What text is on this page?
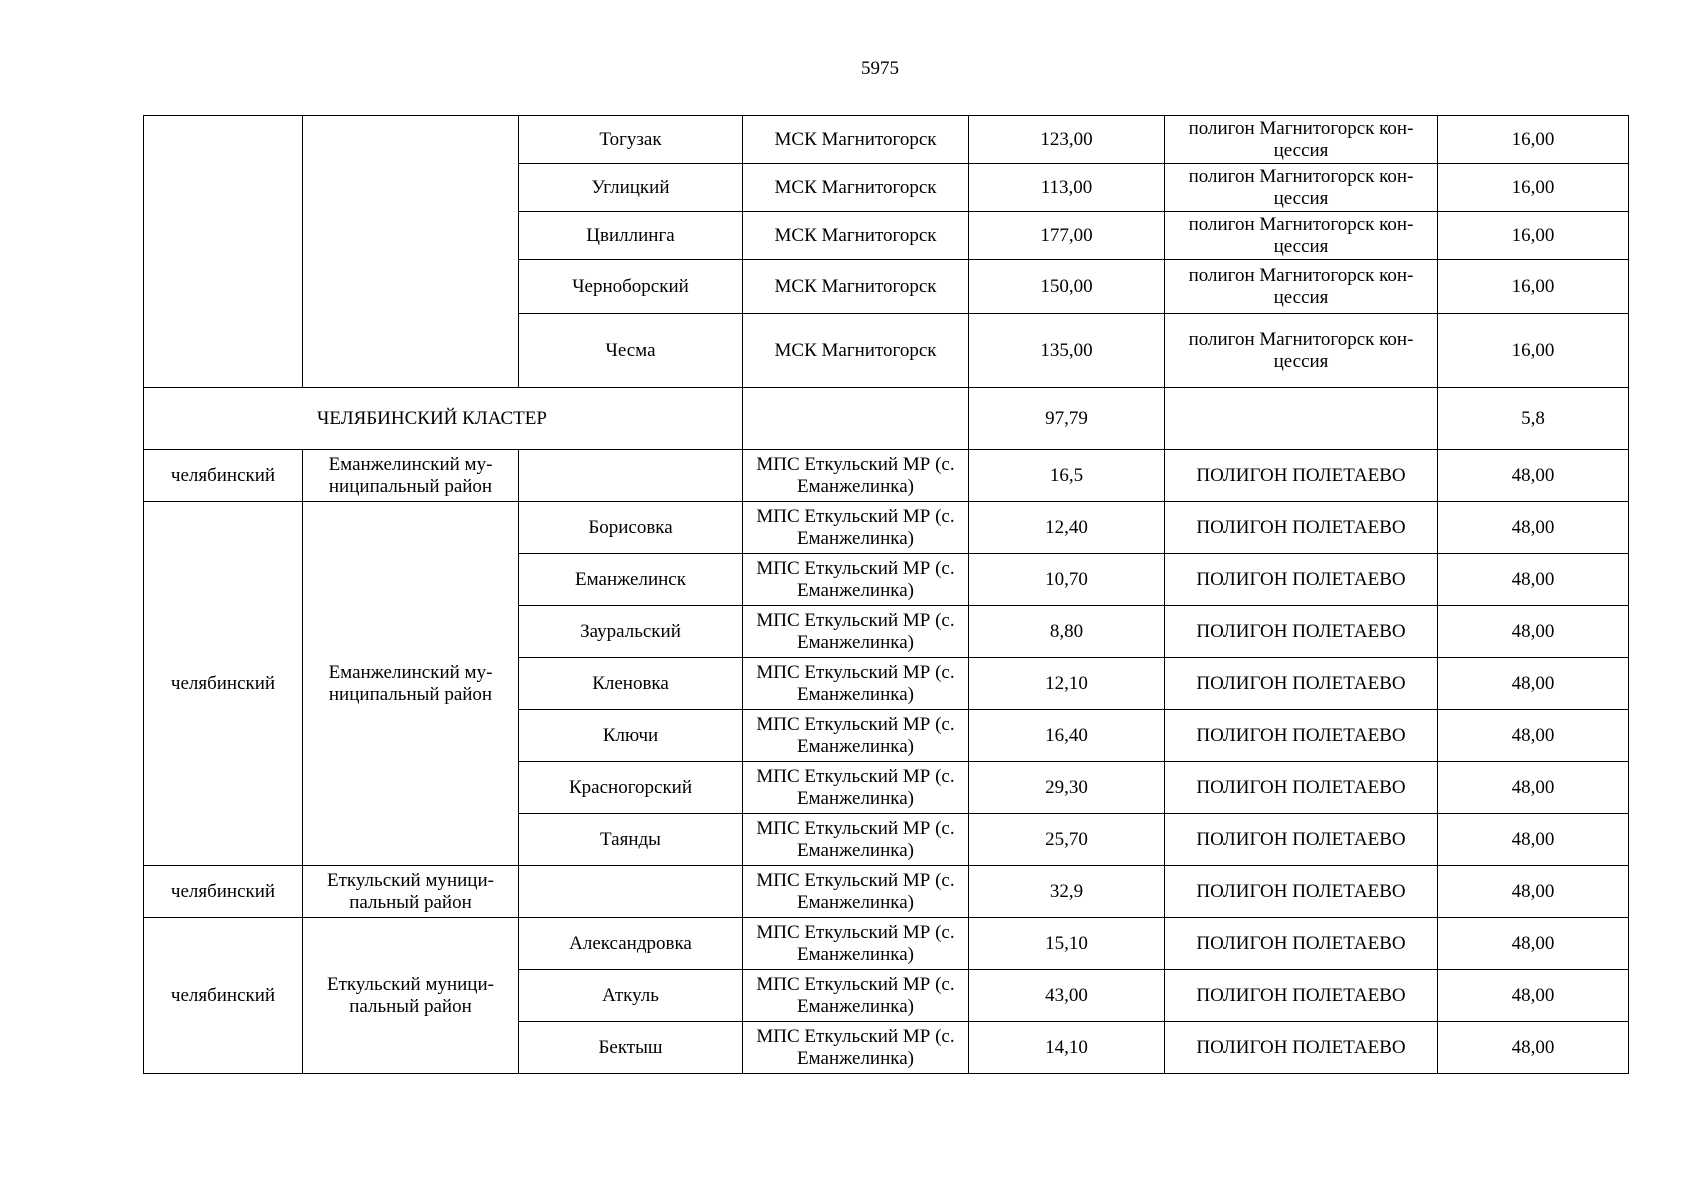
5975
		Тогузак	МСК Магнитогорск	123,00	полигон Магнитогорск кон-цессия	16,00
		Углицкий	МСК Магнитогорск	113,00	полигон Магнитогорск кон-цессия	16,00
		Цвиллинга	МСК Магнитогорск	177,00	полигон Магнитогорск кон-цессия	16,00
		Черноборский	МСК Магнитогорск	150,00	полигон Магнитогорск кон-цессия	16,00
		Чесма	МСК Магнитогорск	135,00	полигон Магнитогорск кон-цессия	16,00
ЧЕЛЯБИНСКИЙ КЛАСТЕР				97,79		5,8
челябинский	Еманжелинский му-ниципальный район		МПС Еткульский МР (с. Еманжелинка)	16,5	ПОЛИГОН ПОЛЕТАЕВО	48,00
челябинский	Еманжелинский му-ниципальный район	Борисовка	МПС Еткульский МР (с. Еманжелинка)	12,40	ПОЛИГОН ПОЛЕТАЕВО	48,00
		Еманжелинск	МПС Еткульский МР (с. Еманжелинка)	10,70	ПОЛИГОН ПОЛЕТАЕВО	48,00
		Зауральский	МПС Еткульский МР (с. Еманжелинка)	8,80	ПОЛИГОН ПОЛЕТАЕВО	48,00
		Кленовка	МПС Еткульский МР (с. Еманжелинка)	12,10	ПОЛИГОН ПОЛЕТАЕВО	48,00
		Ключи	МПС Еткульский МР (с. Еманжелинка)	16,40	ПОЛИГОН ПОЛЕТАЕВО	48,00
		Красногорский	МПС Еткульский МР (с. Еманжелинка)	29,30	ПОЛИГОН ПОЛЕТАЕВО	48,00
		Таянды	МПС Еткульский МР (с. Еманжелинка)	25,70	ПОЛИГОН ПОЛЕТАЕВО	48,00
челябинский	Еткульский муници-пальный район		МПС Еткульский МР (с. Еманжелинка)	32,9	ПОЛИГОН ПОЛЕТАЕВО	48,00
челябинский	Еткульский муници-пальный район	Александровка	МПС Еткульский МР (с. Еманжелинка)	15,10	ПОЛИГОН ПОЛЕТАЕВО	48,00
		Аткуль	МПС Еткульский МР (с. Еманжелинка)	43,00	ПОЛИГОН ПОЛЕТАЕВО	48,00
		Бектыш	МПС Еткульский МР (с. Еманжелинка)	14,10	ПОЛИГОН ПОЛЕТАЕВО	48,00
